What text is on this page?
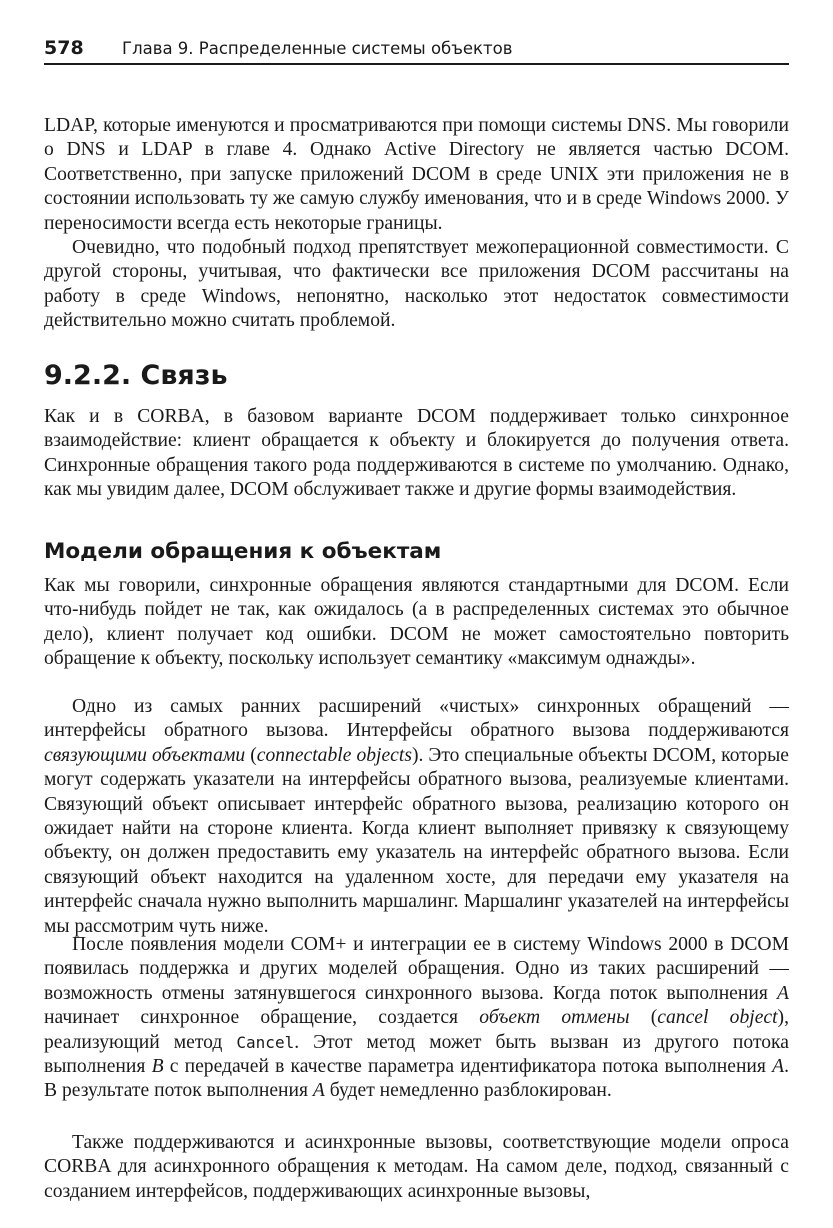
578 Глава 9. Распределенные системы объектов

LDAP, которые именуются и просматриваются при помощи системы DNS. Мы говорили о DNS и LDAP в главе 4. Однако Active Directory не является частью DCOM. Соответственно, при запуске приложений DCOM в среде UNIX эти приложения не в состоянии использовать ту же самую службу именования, что и в среде Windows 2000. У переносимости всегда есть некоторые границы.

Очевидно, что подобный подход препятствует межоперационной совместимости. С другой стороны, учитывая, что фактически все приложения DCOM рассчитаны на работу в среде Windows, непонятно, насколько этот недостаток совместимости действительно можно считать проблемой.

9.2.2. Связь

Как и в CORBA, в базовом варианте DCOM поддерживает только синхронное взаимодействие: клиент обращается к объекту и блокируется до получения ответа. Синхронные обращения такого рода поддерживаются в системе по умолчанию. Однако, как мы увидим далее, DCOM обслуживает также и другие формы взаимодействия.

Модели обращения к объектам

Как мы говорили, синхронные обращения являются стандартными для DCOM. Если что-нибудь пойдет не так, как ожидалось (а в распределенных системах это обычное дело), клиент получает код ошибки. DCOM не может самостоятельно повторить обращение к объекту, поскольку использует семантику «максимум однажды».

Одно из самых ранних расширений «чистых» синхронных обращений — интерфейсы обратного вызова. Интерфейсы обратного вызова поддерживаются связующими объектами (connectable objects). Это специальные объекты DCOM, которые могут содержать указатели на интерфейсы обратного вызова, реализуемые клиентами. Связующий объект описывает интерфейс обратного вызова, реализацию которого он ожидает найти на стороне клиента. Когда клиент выполняет привязку к связующему объекту, он должен предоставить ему указатель на интерфейс обратного вызова. Если связующий объект находится на удаленном хосте, для передачи ему указателя на интерфейс сначала нужно выполнить маршалинг. Маршалинг указателей на интерфейсы мы рассмотрим чуть ниже.

После появления модели COM+ и интеграции ее в систему Windows 2000 в DCOM появилась поддержка и других моделей обращения. Одно из таких расширений — возможность отмены затянувшегося синхронного вызова. Когда поток выполнения A начинает синхронное обращение, создается объект отмены (cancel object), реализующий метод Cancel. Этот метод может быть вызван из другого потока выполнения B с передачей в качестве параметра идентификатора потока выполнения A. В результате поток выполнения A будет немедленно разблокирован.

Также поддерживаются и асинхронные вызовы, соответствующие модели опроса CORBA для асинхронного обращения к методам. На самом деле, подход, связанный с созданием интерфейсов, поддерживающих асинхронные вызовы,
